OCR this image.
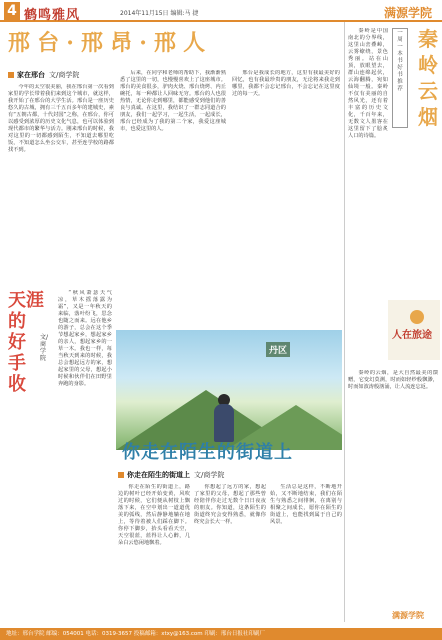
4 鹤鸣雅风	2014年11月15日 编辑:马 捷	满源学院
邢 台 · 邢 昂 · 邢 人
家在邢台 文/商学院

今年的太空很美丽，我在邢台第一次看到家里的学长带着我们来到这个城市，就这样，我开始了在邢台的大学生活。邢台是一座历史悠久的古城，拥有三千五百多年的建城史，素有“五朝古都，十代封国”之称，在邢台，你可以感受到浓厚的历史文化气息，也可以体验到现代都市的繁华与活力。刚来邢台的时候，我对这里的一切都感到陌生，不知道去哪里吃饭，不知道怎么坐公交车，甚至连学校的路都找不到。

后来，在同学和老师的帮助下，我渐渐熟悉了这里的一切，也慢慢喜欢上了这座城市。邢台的美食很多，驴肉火烧、邢台烧烤、内丘碗托，每一种都让人回味无穷。邢台的人也很热情，无论你走到哪里，都能感受到他们的善良与真诚。在这里，我结识了一群志同道合的朋友，我们一起学习，一起生活，一起成长，邢台已经成为了我的第二个家，我爱这座城市，也爱这里的人。

邢台是我成长的地方，这里有我最美好的回忆，也有我最珍贵的朋友，无论将来我走到哪里，我都不会忘记邢台，不会忘记在这里度过的每一天。

天涯 的 好 手 收
文/商学院

“秋风萧瑟天气凉，草木摇落露为霜”，又是一年秋天的来临，落叶纷飞，思念也随之而来。远在他乡的游子，总会在这个季节想起家乡，想起家乡的亲人，想起家乡的一草一木。我也一样，每当秋天到来的时候，我总会想起远方的家，想起家里的父母，想起小时候和伙伴们在田野里奔跑的身影。

丹区
你走在陌生的街道上
你走在陌生的街道上 文/商学院

你走在陌生的街道上，路边的树叶已经开始变黄，风吹过的时候，它们便从树枝上飘落下来，在空中划出一道道优美的弧线，然后静静地躺在地上，等待着被人们踩在脚下。你停下脚步，抬头看看天空，天空很蓝，蓝得让人心醉，几朵白云悠闲地飘着。

你想起了远方的家，想起了家里的父母，想起了那些曾经陪伴你走过无数个日日夜夜的朋友。你知道，这条陌生的街道终究会变得熟悉，就像你终究会长大一样。

生活总是这样，不断地开始，又不断地结束，我们在陌生与熟悉之间徘徊，在离别与相聚之间成长，愿你在陌生的街道上，也能找到属于自己的风景。

一 周 一 本 书 好 书 推 荐
秦 岭 云 烟

秦岭是中国南北的分界线，这里山峦叠嶂，云雾缭绕，景色秀丽。站在山顶，放眼望去，群山连绵起伏，云海翻腾，宛如仙境一般。秦岭不仅有美丽的自然风光，还有着丰富的历史文化，千百年来，无数文人墨客在这里留下了脍炙人口的诗篇。

秦岭的云烟，是大自然最美的馈赠，它变幻莫测，时而如轻纱般飘渺，时而如波涛般汹涌，让人流连忘返。

人在旅途
满源学院
地址：邢台学院 邮编：054001 电话：0319-3657 投稿邮箱：xtxy@163.com 印刷：邢台日报社印刷厂
